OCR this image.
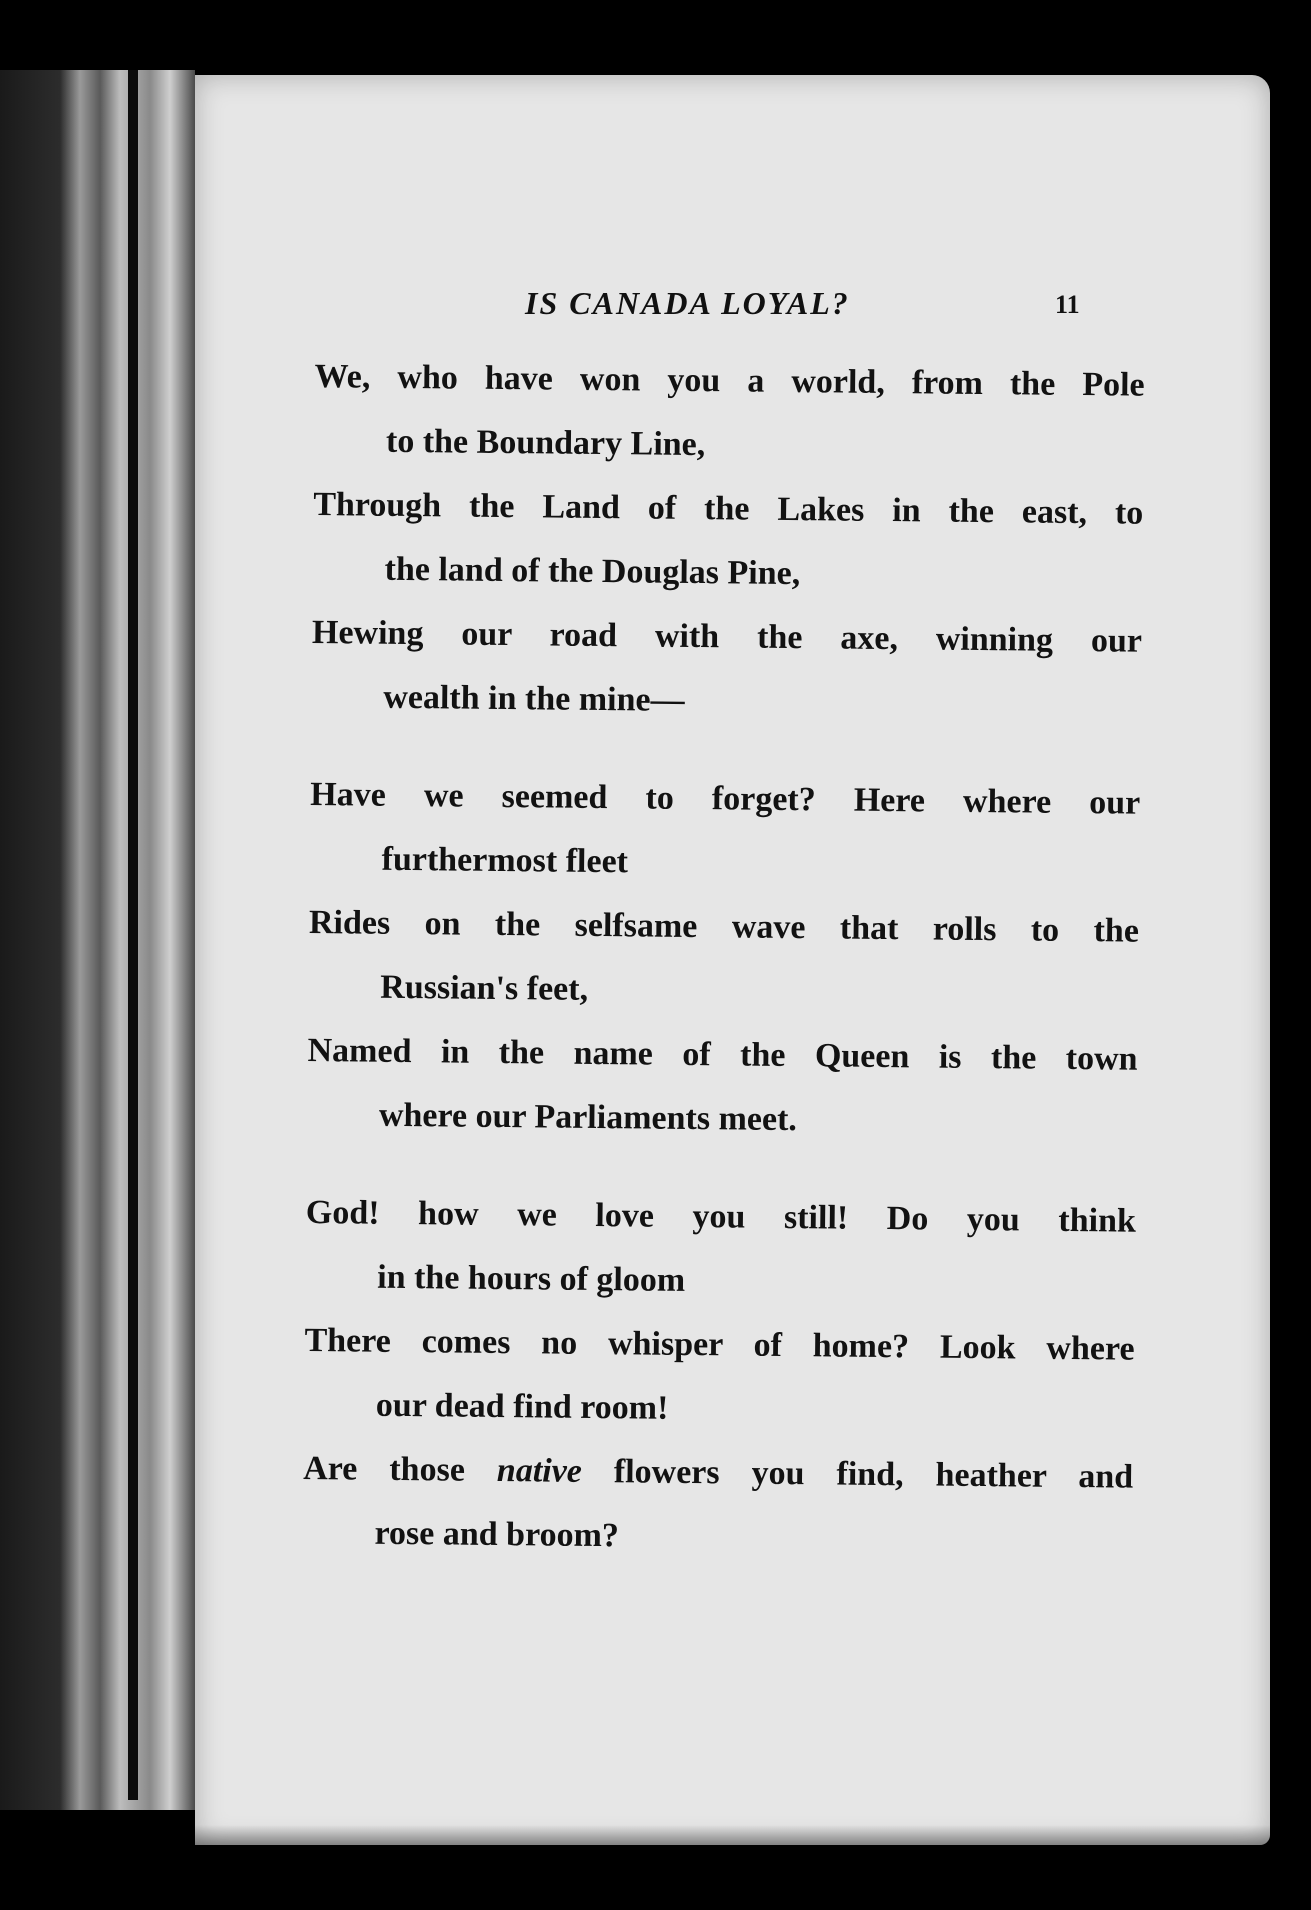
IS CANADA LOYAL?	11

We, who have won you a world, from the Pole

to the Boundary Line,

Through the Land of the Lakes in the east, to

the land of the Douglas Pine,

Hewing our road with the axe, winning our

wealth in the mine—

Have we seemed to forget? Here where our

furthermost fleet

Rides on the selfsame wave that rolls to the

Russian's feet,

Named in the name of the Queen is the town

where our Parliaments meet.

God! how we love you still! Do you think

in the hours of gloom

There comes no whisper of home? Look where

our dead find room!

Are those native flowers you find, heather and

rose and broom?
